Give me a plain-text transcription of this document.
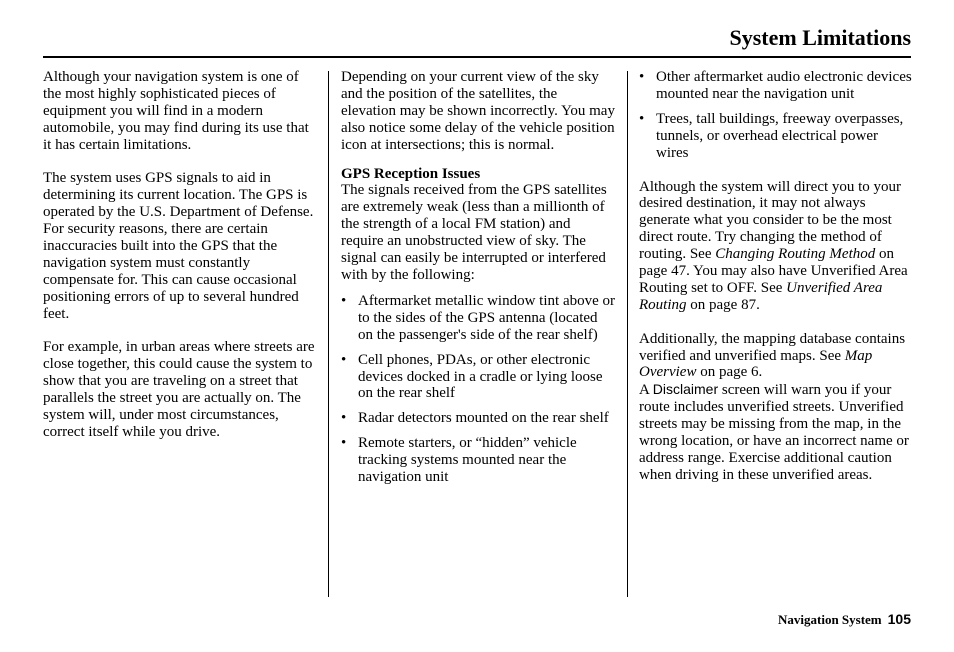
System Limitations

Although your navigation system is one of the most highly sophisticated pieces of equipment you will find in a modern automobile, you may find during its use that it has certain limitations.

The system uses GPS signals to aid in determining its current location. The GPS is operated by the U.S. Department of Defense. For security reasons, there are certain inaccuracies built into the GPS that the navigation system must constantly compensate for. This can cause occasional positioning errors of up to several hundred feet.

For example, in urban areas where streets are close together, this could cause the system to show that you are traveling on a street that parallels the street you are actually on. The system will, under most circumstances, correct itself while you drive.

Depending on your current view of the sky and the position of the satellites, the elevation may be shown incorrectly. You may also notice some delay of the vehicle position icon at intersections; this is normal.

GPS Reception Issues

The signals received from the GPS satellites are extremely weak (less than a millionth of the strength of a local FM station) and require an unobstructed view of sky. The signal can easily be interrupted or interfered with by the following:

• Aftermarket metallic window tint above or to the sides of the GPS antenna (located on the passenger's side of the rear shelf)
• Cell phones, PDAs, or other electronic devices docked in a cradle or lying loose on the rear shelf
• Radar detectors mounted on the rear shelf
• Remote starters, or “hidden” vehicle tracking systems mounted near the navigation unit
• Other aftermarket audio electronic devices mounted near the navigation unit
• Trees, tall buildings, freeway overpasses, tunnels, or overhead electrical power wires

Although the system will direct you to your desired destination, it may not always generate what you consider to be the most direct route. Try changing the method of routing. See Changing Routing Method on page 47. You may also have Unverified Area Routing set to OFF. See Unverified Area Routing on page 87.

Additionally, the mapping database contains verified and unverified maps. See Map Overview on page 6.
A Disclaimer screen will warn you if your route includes unverified streets. Unverified streets may be missing from the map, in the wrong location, or have an incorrect name or address range. Exercise additional caution when driving in these unverified areas.

Navigation System 105
